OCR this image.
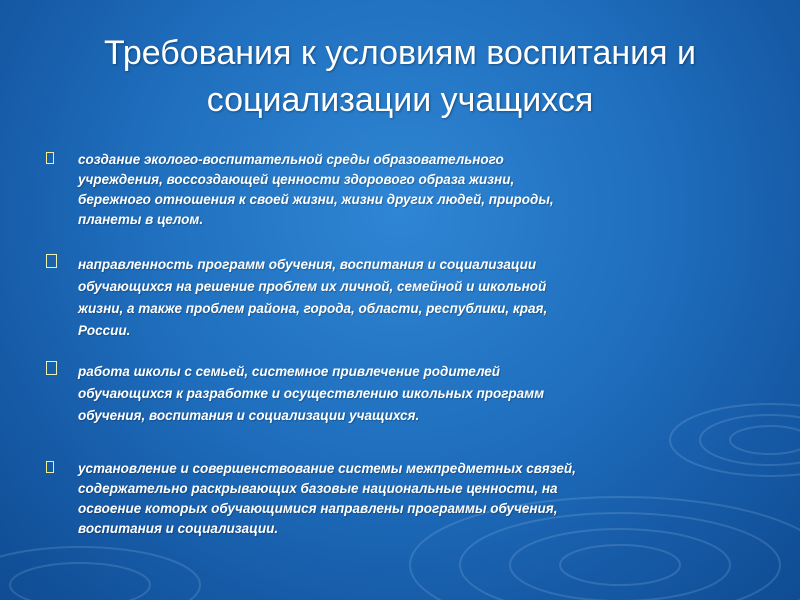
Требования к условиям воспитания и
социализации учащихся
создание эколого-воспитательной среды образовательного
учреждения, воссоздающей ценности здорового образа жизни,
бережного отношения к своей жизни, жизни других людей, природы,
планеты в целом.
направленность программ обучения, воспитания и социализации
обучающихся на решение проблем их личной, семейной и школьной
жизни, а также проблем района, города, области, республики, края,
России.
работа школы с семьей, системное привлечение родителей
обучающихся к разработке и осуществлению школьных программ
обучения, воспитания и социализации учащихся.
установление и совершенствование системы межпредметных связей,
содержательно раскрывающих базовые национальные ценности, на
освоение которых обучающимися направлены программы обучения,
воспитания и социализации.
